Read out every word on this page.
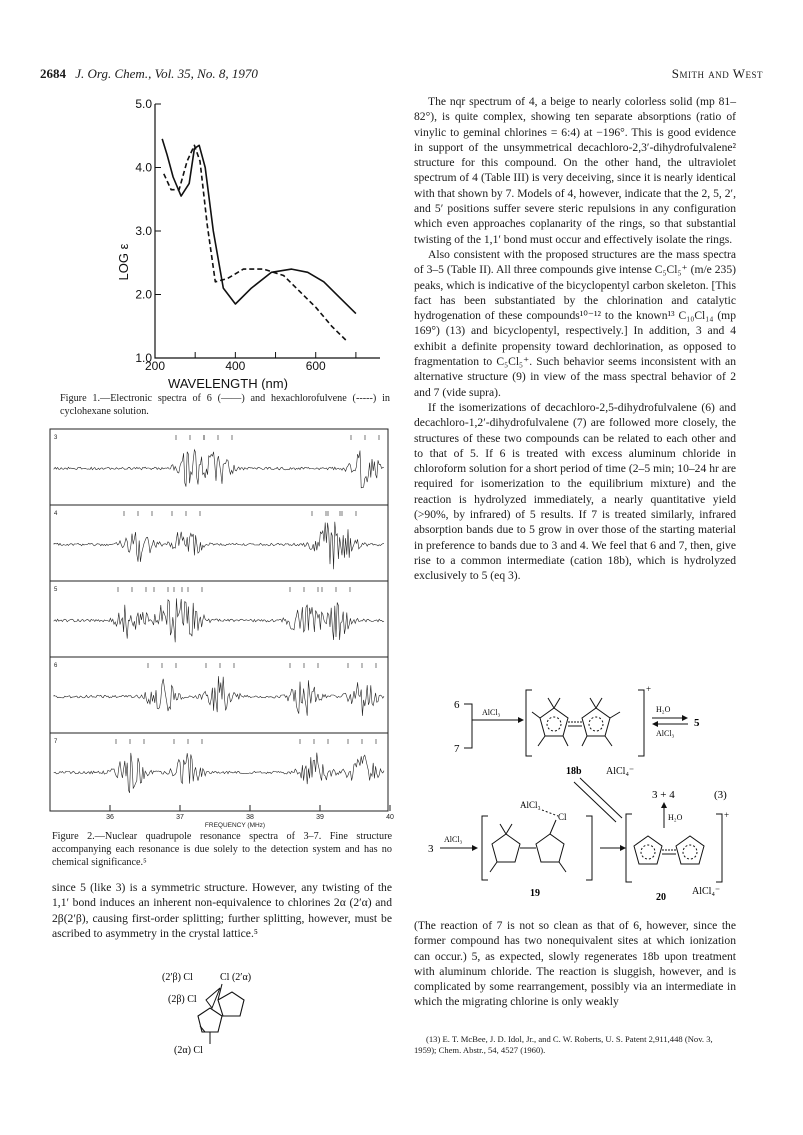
2684 J. Org. Chem., Vol. 35, No. 8, 1970	Smith and West
1.0
2.0
3.0
4.0
5.0
200	400	600
LOG ε
WAVELENGTH (nm)
Figure 1.—Electronic spectra of 6 (——) and hexachlorofulvene (-----) in cyclohexane solution.
3
4
5
6
7
36	37	38	39	40
FREQUENCY (MHz)
Figure 2.—Nuclear quadrupole resonance spectra of 3–7. Fine structure accompanying each resonance is due solely to the detection system and has no chemical significance.⁵

since 5 (like 3) is a symmetric structure. However, any twisting of the 1,1′ bond induces an inherent non-equivalence to chlorines 2α (2′α) and 2β(2′β), causing first-order splitting; further splitting, however, must be ascribed to asymmetry in the crystal lattice.⁵

(2′β) Cl	Cl (2′α)
(2β) Cl
(2α) Cl

The nqr spectrum of 4, a beige to nearly colorless solid (mp 81–82°), is quite complex, showing ten separate absorptions (ratio of vinylic to geminal chlorines = 6:4) at −196°. This is good evidence in support of the unsymmetrical decachloro-2,3′-dihydrofulvalene² structure for this compound. On the other hand, the ultraviolet spectrum of 4 (Table III) is very deceiving, since it is nearly identical with that shown by 7. Models of 4, however, indicate that the 2, 5, 2′, and 5′ positions suffer severe steric repulsions in any configuration which even approaches coplanarity of the rings, so that substantial twisting of the 1,1′ bond must occur and effectively isolate the rings.

Also consistent with the proposed structures are the mass spectra of 3–5 (Table II). All three compounds give intense C₅Cl₅⁺ (m/e 235) peaks, which is indicative of the bicyclopentyl carbon skeleton. [This fact has been substantiated by the chlorination and catalytic hydrogenation of these compounds¹⁰⁻¹² to the known¹³ C₁₀Cl₁₄ (mp 169°) (13) and bicyclopentyl, respectively.] In addition, 3 and 4 exhibit a definite propensity toward dechlorination, as opposed to fragmentation to C₅Cl₅⁺. Such behavior seems inconsistent with an alternative structure (9) in view of the mass spectral behavior of 2 and 7 (vide supra).

If the isomerizations of decachloro-2,5-dihydrofulvalene (6) and decachloro-1,2′-dihydrofulvalene (7) are followed more closely, the structures of these two compounds can be related to each other and to that of 5. If 6 is treated with excess aluminum chloride in chloroform solution for a short period of time (2–5 min; 10–24 hr are required for isomerization to the equilibrium mixture) and the reaction is hydrolyzed immediately, a nearly quantitative yield (>90%, by infrared) of 5 results. If 7 is treated similarly, infrared absorption bands due to 5 grow in over those of the starting material in preference to bands due to 3 and 4. We feel that 6 and 7, then, give rise to a common intermediate (cation 18b), which is hydrolyzed exclusively to 5 (eq 3).

6
7
AlCl₃
+
18b AlCl₄⁻
H₂O
AlCl₃
5
3 + 4	(3)
H₂O
3
AlCl₃
AlCl₃
Cl
19
+
20
AlCl₄⁻

(The reaction of 7 is not so clean as that of 6, however, since the former compound has two nonequivalent sites at which ionization can occur.) 5, as expected, slowly regenerates 18b upon treatment with aluminum chloride. The reaction is sluggish, however, and is complicated by some rearrangement, possibly via an intermediate in which the migrating chlorine is only weakly

(13) E. T. McBee, J. D. Idol, Jr., and C. W. Roberts, U. S. Patent 2,911,448 (Nov. 3, 1959); Chem. Abstr., 54, 4527 (1960).
